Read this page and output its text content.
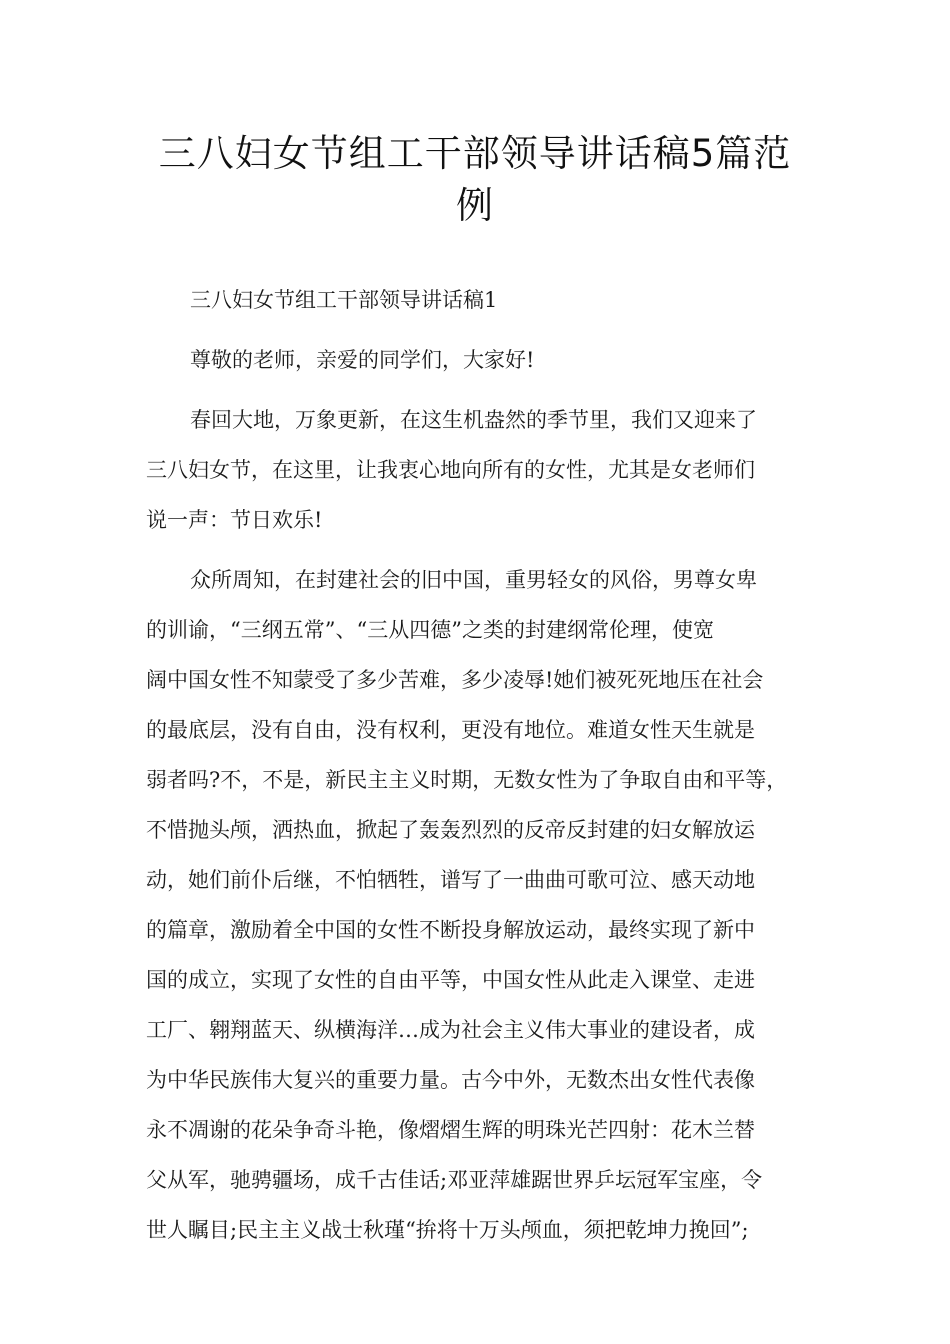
三八妇女节组工干部领导讲话稿5篇范
例
三八妇女节组工干部领导讲话稿1
尊敬的老师，亲爱的同学们，大家好!
春回大地，万象更新，在这生机盎然的季节里，我们又迎来了
三八妇女节，在这里，让我衷心地向所有的女性，尤其是女老师们
说一声：节日欢乐!
众所周知，在封建社会的旧中国，重男轻女的风俗，男尊女卑
的训谕，“三纲五常”、“三从四德”之类的封建纲常伦理，使宽
阔中国女性不知蒙受了多少苦难，多少凌辱!她们被死死地压在社会
的最底层，没有自由，没有权利，更没有地位。难道女性天生就是
弱者吗?不，不是，新民主主义时期，无数女性为了争取自由和平等，
不惜抛头颅，洒热血，掀起了轰轰烈烈的反帝反封建的妇女解放运
动，她们前仆后继，不怕牺牲，谱写了一曲曲可歌可泣、感天动地
的篇章，激励着全中国的女性不断投身解放运动，最终实现了新中
国的成立，实现了女性的自由平等，中国女性从此走入课堂、走进
工厂、翱翔蓝天、纵横海洋…成为社会主义伟大事业的建设者，成
为中华民族伟大复兴的重要力量。古今中外，无数杰出女性代表像
永不凋谢的花朵争奇斗艳，像熠熠生辉的明珠光芒四射：花木兰替
父从军，驰骋疆场，成千古佳话;邓亚萍雄踞世界乒坛冠军宝座，令
世人瞩目;民主主义战士秋瑾“拚将十万头颅血，须把乾坤力挽回”;
